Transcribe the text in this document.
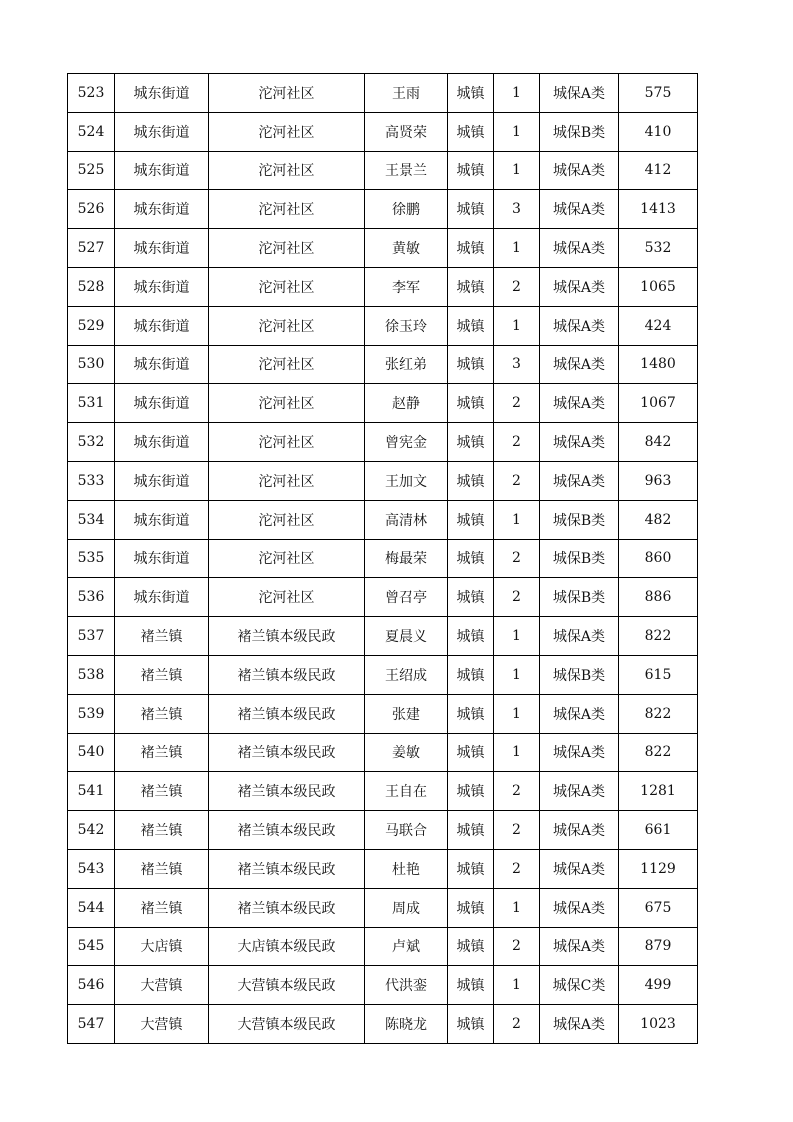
523	城东街道	沱河社区	王雨	城镇	1	城保A类	575
524	城东街道	沱河社区	高贤荣	城镇	1	城保B类	410
525	城东街道	沱河社区	王景兰	城镇	1	城保A类	412
526	城东街道	沱河社区	徐鹏	城镇	3	城保A类	1413
527	城东街道	沱河社区	黄敏	城镇	1	城保A类	532
528	城东街道	沱河社区	李军	城镇	2	城保A类	1065
529	城东街道	沱河社区	徐玉玲	城镇	1	城保A类	424
530	城东街道	沱河社区	张红弟	城镇	3	城保A类	1480
531	城东街道	沱河社区	赵静	城镇	2	城保A类	1067
532	城东街道	沱河社区	曾宪金	城镇	2	城保A类	842
533	城东街道	沱河社区	王加文	城镇	2	城保A类	963
534	城东街道	沱河社区	高清林	城镇	1	城保B类	482
535	城东街道	沱河社区	梅最荣	城镇	2	城保B类	860
536	城东街道	沱河社区	曾召亭	城镇	2	城保B类	886
537	褚兰镇	褚兰镇本级民政	夏晨义	城镇	1	城保A类	822
538	褚兰镇	褚兰镇本级民政	王绍成	城镇	1	城保B类	615
539	褚兰镇	褚兰镇本级民政	张建	城镇	1	城保A类	822
540	褚兰镇	褚兰镇本级民政	姜敏	城镇	1	城保A类	822
541	褚兰镇	褚兰镇本级民政	王自在	城镇	2	城保A类	1281
542	褚兰镇	褚兰镇本级民政	马联合	城镇	2	城保A类	661
543	褚兰镇	褚兰镇本级民政	杜艳	城镇	2	城保A类	1129
544	褚兰镇	褚兰镇本级民政	周成	城镇	1	城保A类	675
545	大店镇	大店镇本级民政	卢斌	城镇	2	城保A类	879
546	大营镇	大营镇本级民政	代洪銮	城镇	1	城保C类	499
547	大营镇	大营镇本级民政	陈晓龙	城镇	2	城保A类	1023
